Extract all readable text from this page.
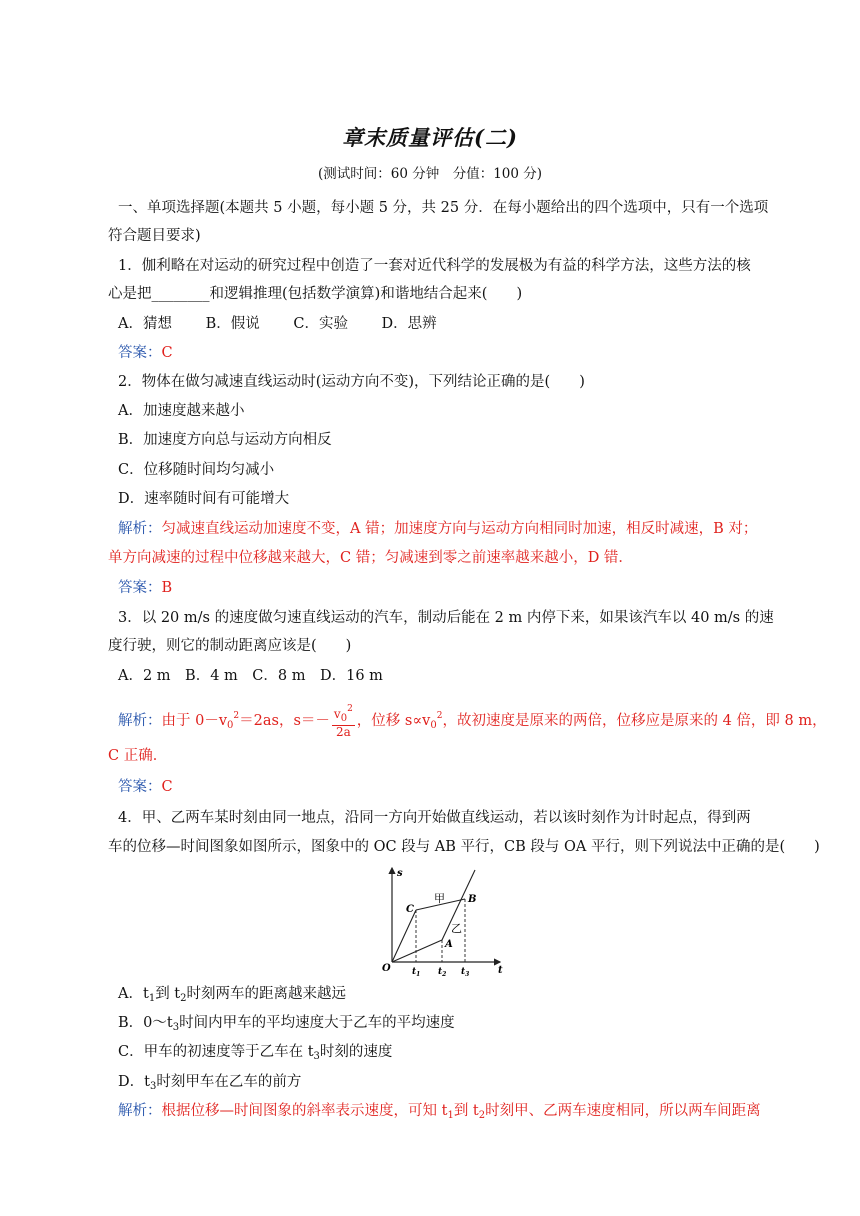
章末质量评估(二)
(测试时间：60 分钟　分值：100 分)
一、单项选择题(本题共 5 小题，每小题 5 分，共 25 分．在每小题给出的四个选项中，只有一个选项
符合题目要求)
1．伽利略在对运动的研究过程中创造了一套对近代科学的发展极为有益的科学方法，这些方法的核
心是把________和逻辑推理(包括数学演算)和谐地结合起来(　　)
A．猜想　　 B．假说　　 C．实验　　 D．思辨
答案：C
2．物体在做匀减速直线运动时(运动方向不变)，下列结论正确的是(　　)
A．加速度越来越小
B．加速度方向总与运动方向相反
C．位移随时间均匀减小
D．速率随时间有可能增大
解析：匀减速直线运动加速度不变，A 错；加速度方向与运动方向相同时加速，相反时减速，B 对；
单方向减速的过程中位移越来越大，C 错；匀减速到零之前速率越来越小，D 错．
答案：B
3．以 20 m/s 的速度做匀速直线运动的汽车，制动后能在 2 m 内停下来，如果该汽车以 40 m/s 的速
度行驶，则它的制动距离应该是(　　)
A．2 m　B．4 m　C．8 m　D．16 m
解析：由于 $0-v_0^2=2as$，$s=- \frac{v_0^2}{2a}$ ，位移 $s\propto v_0^2$，故初速度是原来的两倍，位移应是原来的 4 倍，即 8 m，
C 正确．
答案：C
4．甲、乙两车某时刻由同一地点，沿同一方向开始做直线运动，若以该时刻作为计时起点，得到两
车的位移—时间图象如图所示，图象中的 OC 段与 AB 平行，CB 段与 OA 平行，则下列说法中正确的是(　　)
s
t
O
C
B
A
甲
乙
$t_1$ $t_2$ $t_3$
A．$t_1$到 $t_2$时刻两车的距离越来越远
B．$0\sim t_3$时间内甲车的平均速度大于乙车的平均速度
C．甲车的初速度等于乙车在 $t_3$时刻的速度
D．$t_3$时刻甲车在乙车的前方
解析：根据位移—时间图象的斜率表示速度，可知 $t_1$到 $t_2$时刻甲、乙两车速度相同，所以两车间距离
